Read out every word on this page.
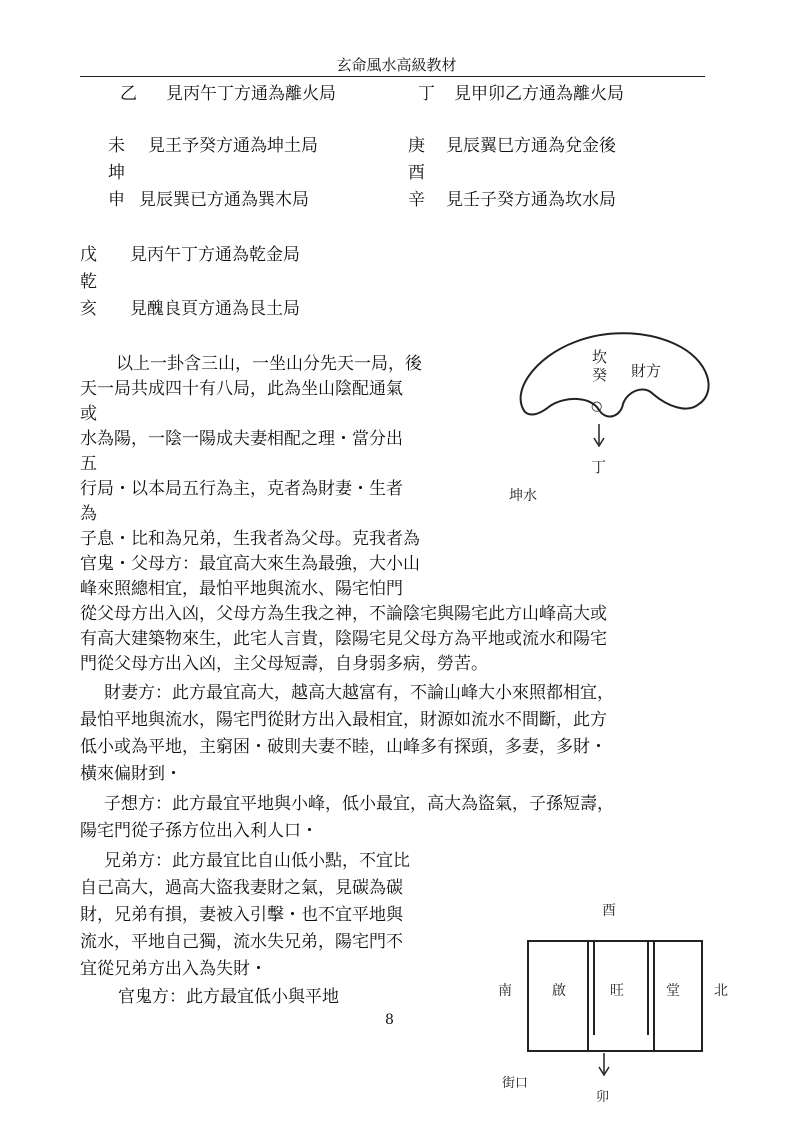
玄命風水高級教材
乙 見丙午丁方通為離火局	丁 見甲卯乙方通為離火局
未 見王予癸方通為坤土局	庚 見辰翼巳方通為兌金後
坤	酉
申 見辰巽已方通為巽木局	辛 見壬子癸方通為坎水局
戊 見丙午丁方通為乾金局
乾
亥 見醜良頁方通為艮土局
以上一卦含三山，一坐山分先天一局，後
天一局共成四十有八局，此為坐山陰配通氣
或
水為陽，一陰一陽成夫妻相配之理・當分出
五
行局・以本局五行為主，克者為財妻・生者
為
子息・比和為兄弟，生我者為父母。克我者為
官鬼・父母方：最宜高大來生為最強，大小山
峰來照總相宜，最怕平地與流水、陽宅怕門
從父母方出入凶，父母方為生我之神，不論陰宅與陽宅此方山峰高大或
有高大建築物來生，此宅人言貴，陰陽宅見父母方為平地或流水和陽宅
門從父母方出入凶，主父母短壽，自身弱多病，勞苦。
財妻方：此方最宜高大，越高大越富有，不論山峰大小來照都相宜，
最怕平地與流水，陽宅門從財方出入最相宜，財源如流水不間斷，此方
低小或為平地，主窮困・破則夫妻不睦，山峰多有探頭，多妻，多財・
橫來偏財到・
子想方：此方最宜平地與小峰，低小最宜，高大為盜氣，子孫短壽，
陽宅門從子孫方位出入利人口・
兄弟方：此方最宜比自山低小點，不宜比
自己高大，過高大盜我妻財之氣，見碳為碳
財，兄弟有損，妻被入引擊・也不宜平地與
流水，平地自己獨，流水失兄弟，陽宅門不
宜從兄弟方出入為失財・
官鬼方：此方最宜低小與平地
8
坎
癸 財方
○
丁
坤水
酉
南	啟	旺	堂 北
街口
卯
